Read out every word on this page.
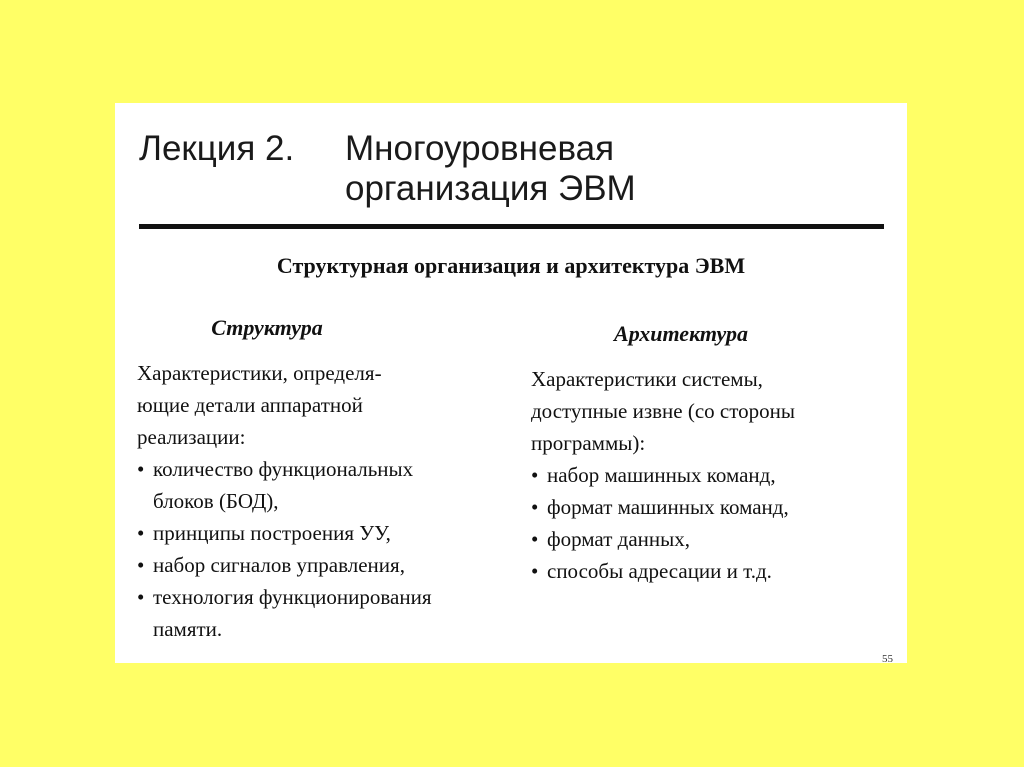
Лекция 2. Многоуровневая
организация ЭВМ
Структурная организация и архитектура ЭВМ
Структура

Характеристики, определя-
ющие детали аппаратной
реализации:

• количество функциональных
блоков (БОД),
• принципы построения УУ,
• набор сигналов управления,
• технология функционирования
памяти.
Архитектура

Характеристики системы,
доступные извне (со стороны
программы):

• набор машинных команд,
• формат машинных команд,
• формат данных,
• способы адресации и т.д.
55
